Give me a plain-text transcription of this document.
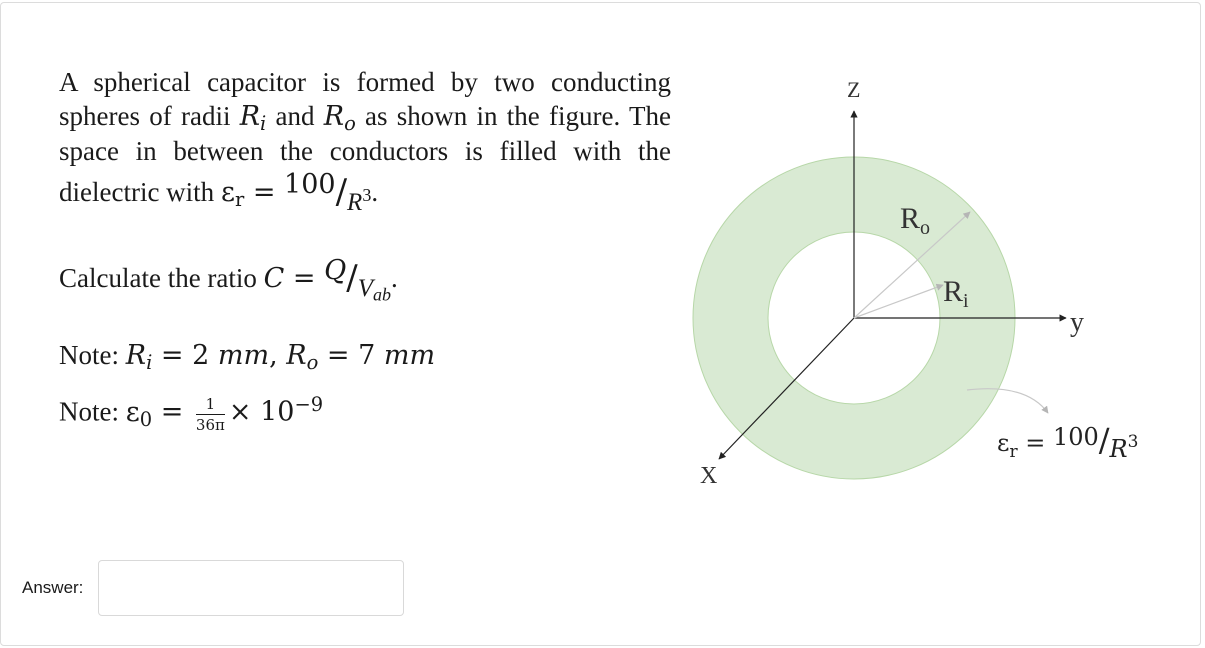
A spherical capacitor is formed by two conducting spheres of radii $R_i$ and $R_o$ as shown in the figure. The space in between the conductors is filled with the dielectric with $\varepsilon_r = 100/R^3$.

Calculate the ratio $C = Q/V_{ab}$.
Note: $R_i = 2$ mm, $R_o = 7$ mm
Note: $\varepsilon_0 = \frac{1}{36\pi} \times 10^{-9}$
Z
y
X
$R_o$
$R_i$
$\varepsilon_r = 100/R^3$
Answer:
